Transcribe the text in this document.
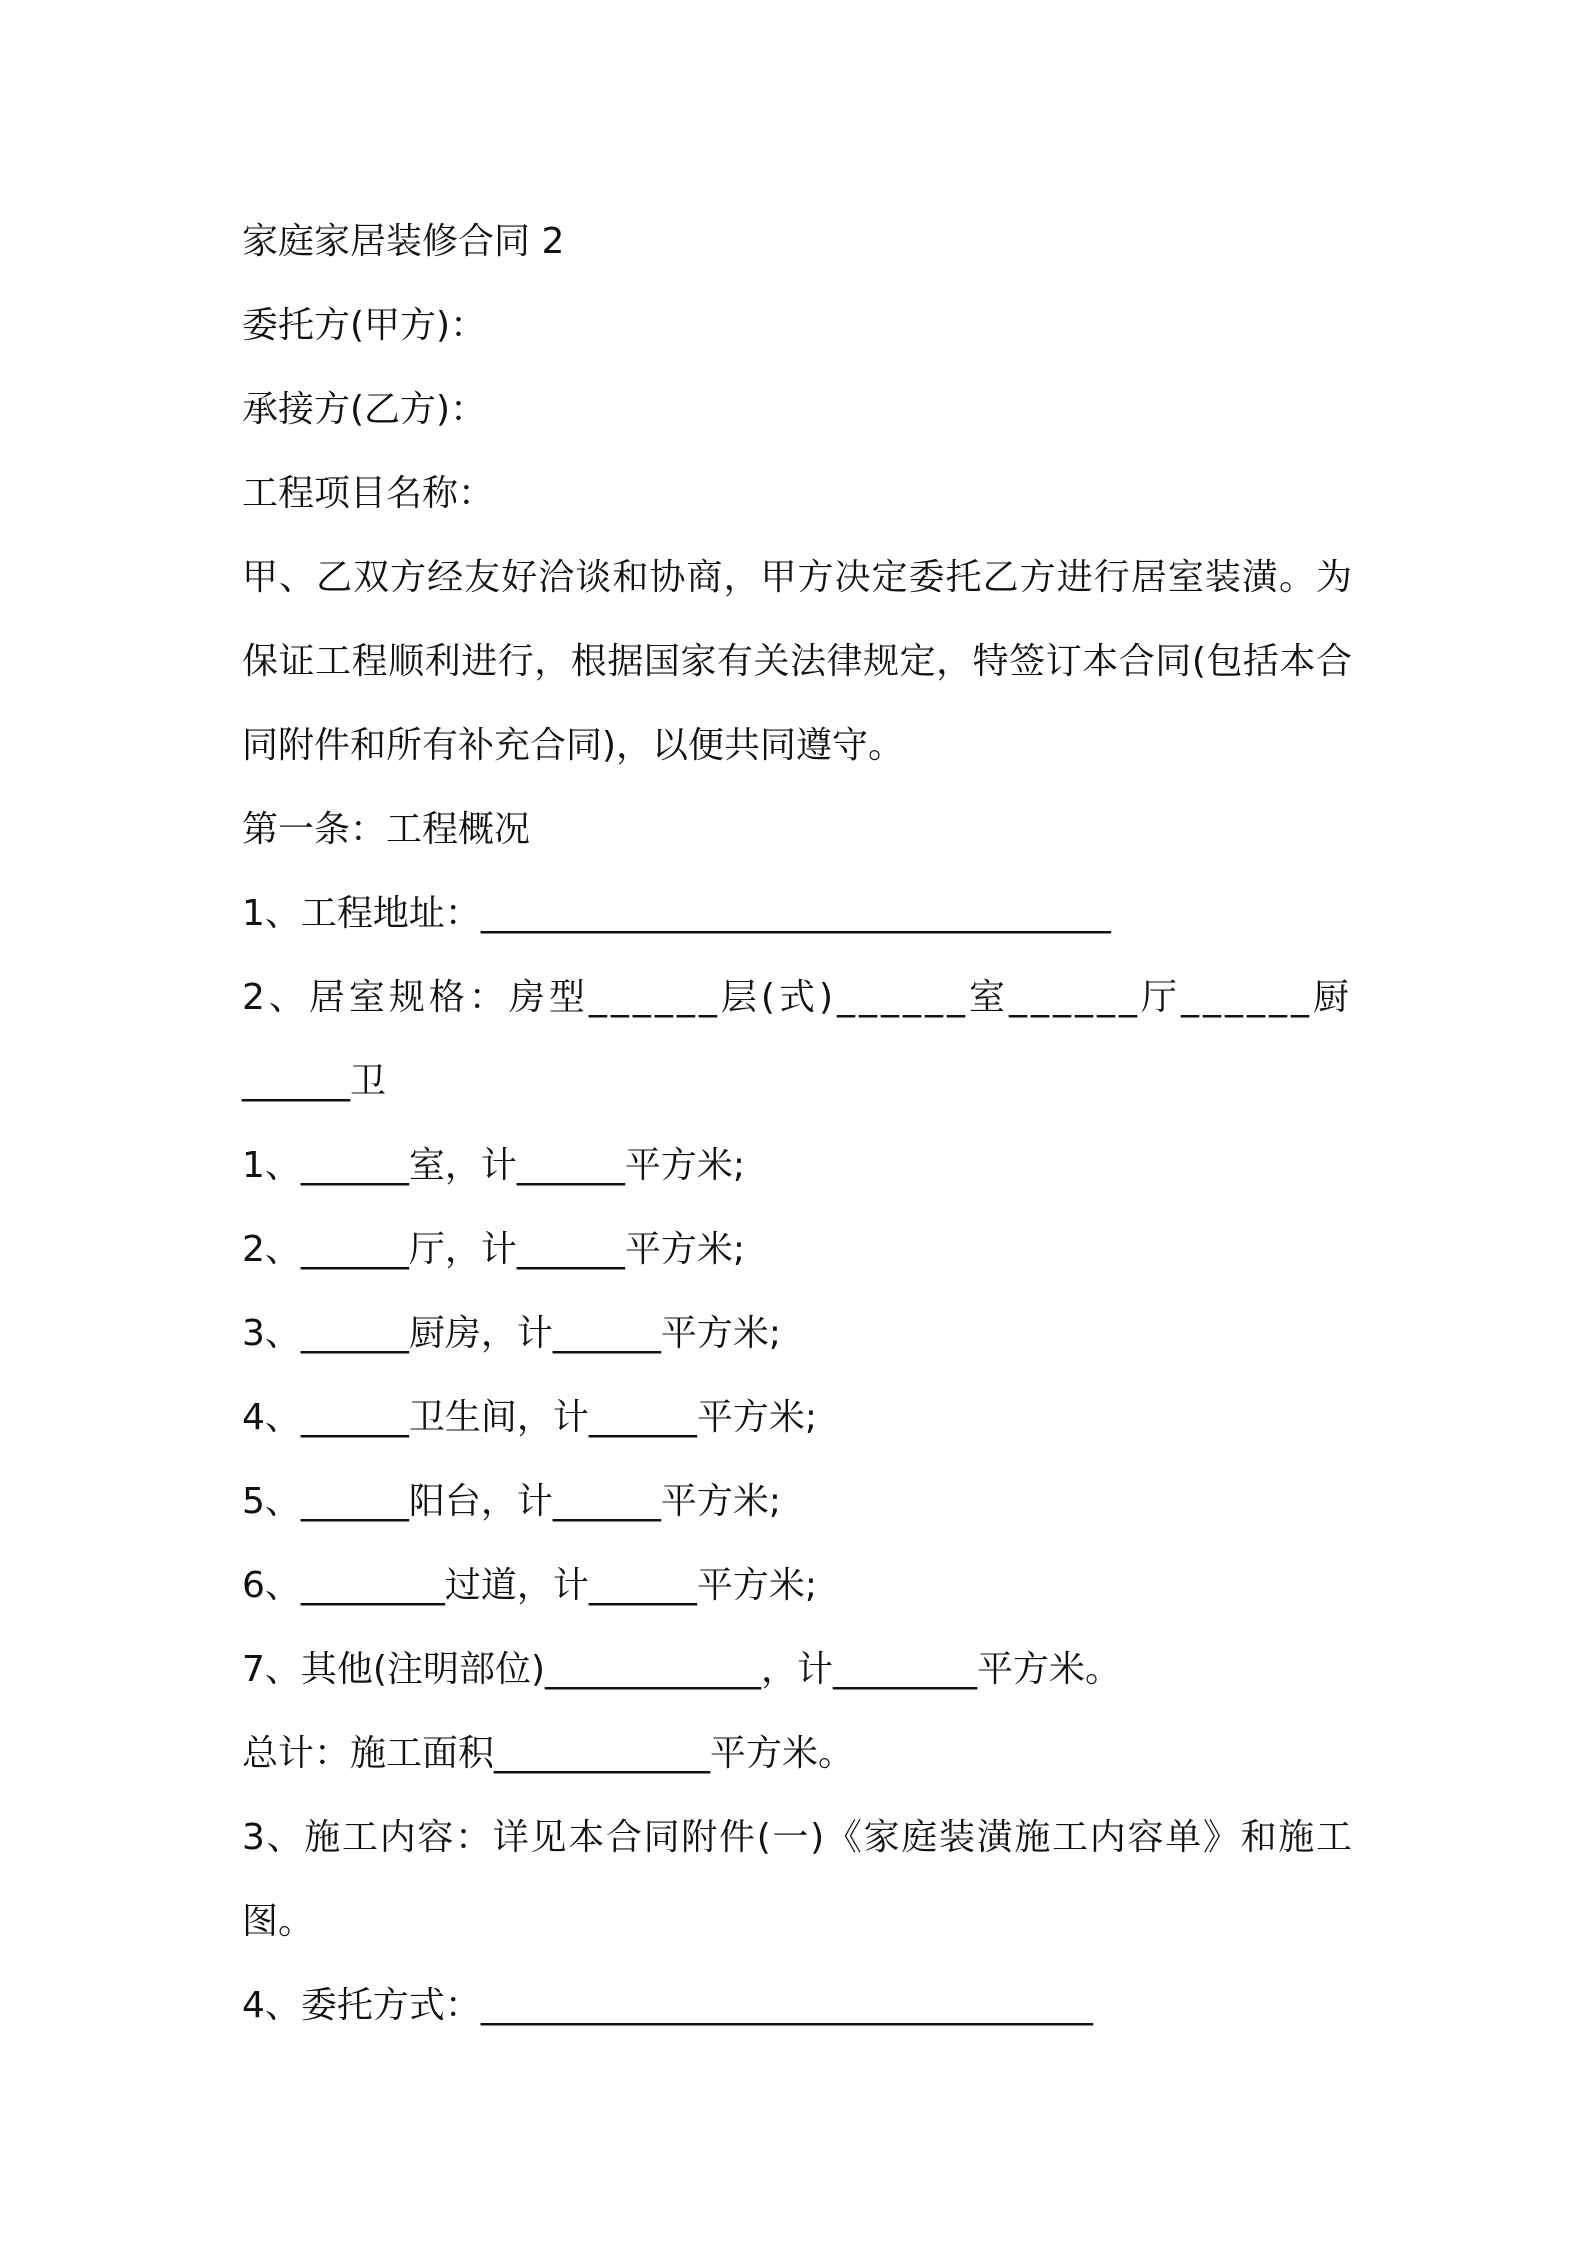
家庭家居装修合同 2
委托方(甲方)：
承接方(乙方)：
工程项目名称：
甲、乙双方经友好洽谈和协商，甲方决定委托乙方进行居室装潢。为保证工程顺利进行，根据国家有关法律规定，特签订本合同(包括本合同附件和所有补充合同)，以便共同遵守。
第一条：工程概况
1、工程地址：___________________________________
2、居室规格：房型______层(式)______室______厅______厨
______卫
1、______室，计______平方米;
2、______厅，计______平方米;
3、______厨房，计______平方米;
4、______卫生间，计______平方米;
5、______阳台，计______平方米;
6、________过道，计______平方米;
7、其他(注明部位)____________，计________平方米。
总计：施工面积____________平方米。
3、施工内容：详见本合同附件(一)《家庭装潢施工内容单》和施工图。
4、委托方式：__________________________________
